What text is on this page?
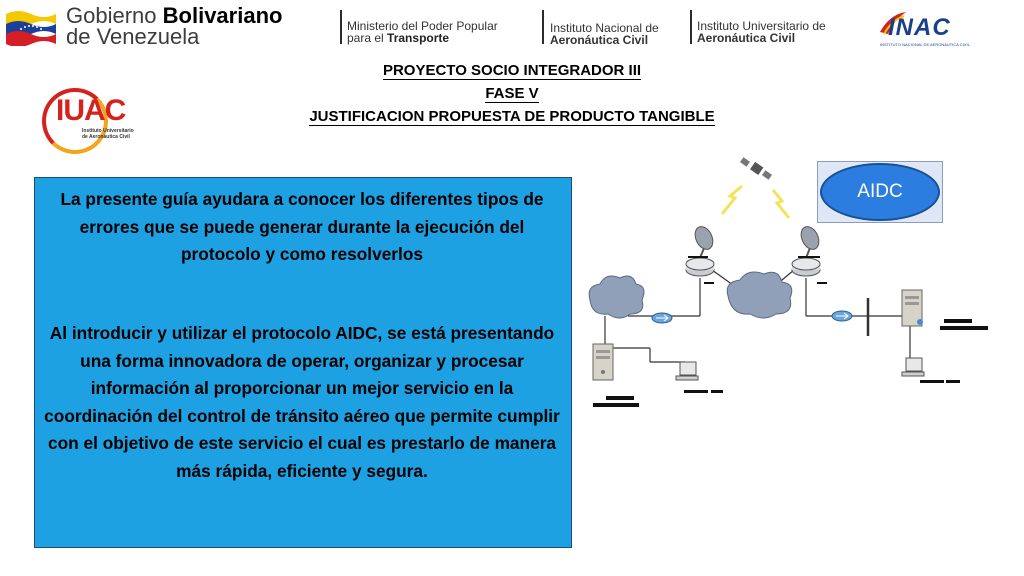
Gobierno Bolivariano
de Venezuela	Ministerio del Poder Popular
para el Transporte
Instituto Nacional de
Aeronáutica Civil
Instituto Universitario de
Aeronáutica Civil	INAC
INSTITUTO NACIONAL DE AERONÁUTICA CIVIL
PROYECTO SOCIO INTEGRADOR III
FASE V
JUSTIFICACION PROPUESTA DE PRODUCTO TANGIBLE
IUAC
Instituto Universitario
de Aeronáutica Civil

La presente guía ayudara a conocer los diferentes tipos de errores que se puede generar durante la ejecución del protocolo y como resolverlos

Al introducir y utilizar el protocolo AIDC, se está presentando una forma innovadora de operar, organizar y procesar información al proporcionar un mejor servicio en la coordinación del control de tránsito aéreo que permite cumplir con el objetivo de este servicio el cual es prestarlo de manera más rápida, eficiente y segura.

AIDC
